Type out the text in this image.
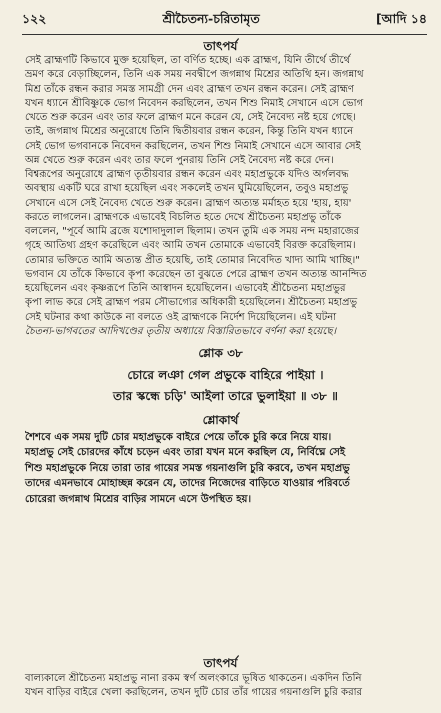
১২২	শ্রীচৈতন্য-চরিতামৃত	[আদি ১৪
তাৎপর্য
সেই ব্রাহ্মণটি কিভাবে মুক্ত হয়েছিল, তা বর্ণিত হচ্ছে। এক ব্রাহ্মণ, যিনি তীর্থে তীর্থে
ভ্রমণ করে বেড়াচ্ছিলেন, তিনি এক সময় নবদ্বীপে জগন্নাথ মিশ্রের অতিথি হন। জগন্নাথ
মিশ্র তাঁকে রন্ধন করার সমস্ত সামগ্রী দেন এবং ব্রাহ্মণ তখন রন্ধন করেন। সেই ব্রাহ্মণ
যখন ধ্যানে শ্রীবিষ্ণুকে ভোগ নিবেদন করছিলেন, তখন শিশু নিমাই সেখানে এসে ভোগ
খেতে শুরু করেন এবং তার ফলে ব্রাহ্মণ মনে করেন যে, সেই নৈবেদ্য নষ্ট হয়ে গেছে।
তাই, জগন্নাথ মিশ্রের অনুরোধে তিনি দ্বিতীয়বার রন্ধন করেন, কিন্তু তিনি যখন ধ্যানে
সেই ভোগ ভগবানকে নিবেদন করছিলেন, তখন শিশু নিমাই সেখানে এসে আবার সেই
অন্ন খেতে শুরু করেন এবং তার ফলে পুনরায় তিনি সেই নৈবেদ্য নষ্ট করে দেন।
বিশ্বরূপের অনুরোধে ব্রাহ্মণ তৃতীয়বার রন্ধন করেন এবং মহাপ্রভুকে যদিও অর্গলবদ্ধ
অবস্থায় একটি ঘরে রাখা হয়েছিল এবং সকলেই তখন ঘুমিয়েছিলেন, তবুও মহাপ্রভু
সেখানে এসে সেই নৈবেদ্য খেতে শুরু করেন। ব্রাহ্মণ অত্যন্ত মর্মাহত হয়ে 'হায়, হায়'
করতে লাগলেন। ব্রাহ্মণকে এভাবেই বিচলিত হতে দেখে শ্রীচৈতন্য মহাপ্রভু তাঁকে
বললেন, "পূর্বে আমি ব্রজে যশোদাদুলাল ছিলাম। তখন তুমি এক সময় নন্দ মহারাজের
গৃহে আতিথ্য গ্রহণ করেছিলে এবং আমি তখন তোমাকে এভাবেই বিরক্ত করেছিলাম।
তোমার ভক্তিতে আমি অত্যন্ত প্রীত হয়েছি, তাই তোমার নিবেদিত খাদ্য আমি খাচ্ছি।"
ভগবান যে তাঁকে কিভাবে কৃপা করেছেন তা বুঝতে পেরে ব্রাহ্মণ তখন অত্যন্ত আনন্দিত
হয়েছিলেন এবং কৃষ্ণরূপে তিনি আস্বাদন হয়েছিলেন। এভাবেই শ্রীচৈতন্য মহাপ্রভুর
কৃপা লাভ করে সেই ব্রাহ্মণ পরম সৌভাগ্যের অধিকারী হয়েছিলেন। শ্রীচৈতন্য মহাপ্রভু
সেই ঘটনার কথা কাউকে না বলতে ওই ব্রাহ্মণকে নির্দেশ দিয়েছিলেন। এই ঘটনা
চৈতন্য-ভাগবতের আদিখণ্ডের তৃতীয় অধ্যায়ে বিস্তারিতভাবে বর্ণনা করা হয়েছে।
শ্লোক ৩৮
চোরে লঞা গেল প্রভুকে বাহিরে পাইয়া ।
তার স্কন্ধে চড়ি' আইলা তারে ভুলাইয়া ॥ ৩৮ ॥
শ্লোকার্থ
শৈশবে এক সময় দুটি চোর মহাপ্রভুকে বাইরে পেয়ে তাঁকে চুরি করে নিয়ে যায়।
মহাপ্রভু সেই চোরদের কাঁধে চড়েন এবং তারা যখন মনে করছিল যে, নির্বিঘ্নে সেই
শিশু মহাপ্রভুকে নিয়ে তারা তার গায়ের সমস্ত গয়নাগুলি চুরি করবে, তখন মহাপ্রভু
তাদের এমনভাবে মোহাচ্ছন্ন করেন যে, তাদের নিজেদের বাড়িতে যাওয়ার পরিবর্তে
চোরেরা জগন্নাথ মিশ্রের বাড়ির সামনে এসে উপস্থিত হয়।
তাৎপর্য
বাল্যকালে শ্রীচৈতন্য মহাপ্রভু নানা রকম স্বর্ণ অলংকারে ভূষিত থাকতেন। একদিন তিনি
যখন বাড়ির বাইরে খেলা করছিলেন, তখন দুটি চোর তাঁর গায়ের গয়নাগুলি চুরি করার
